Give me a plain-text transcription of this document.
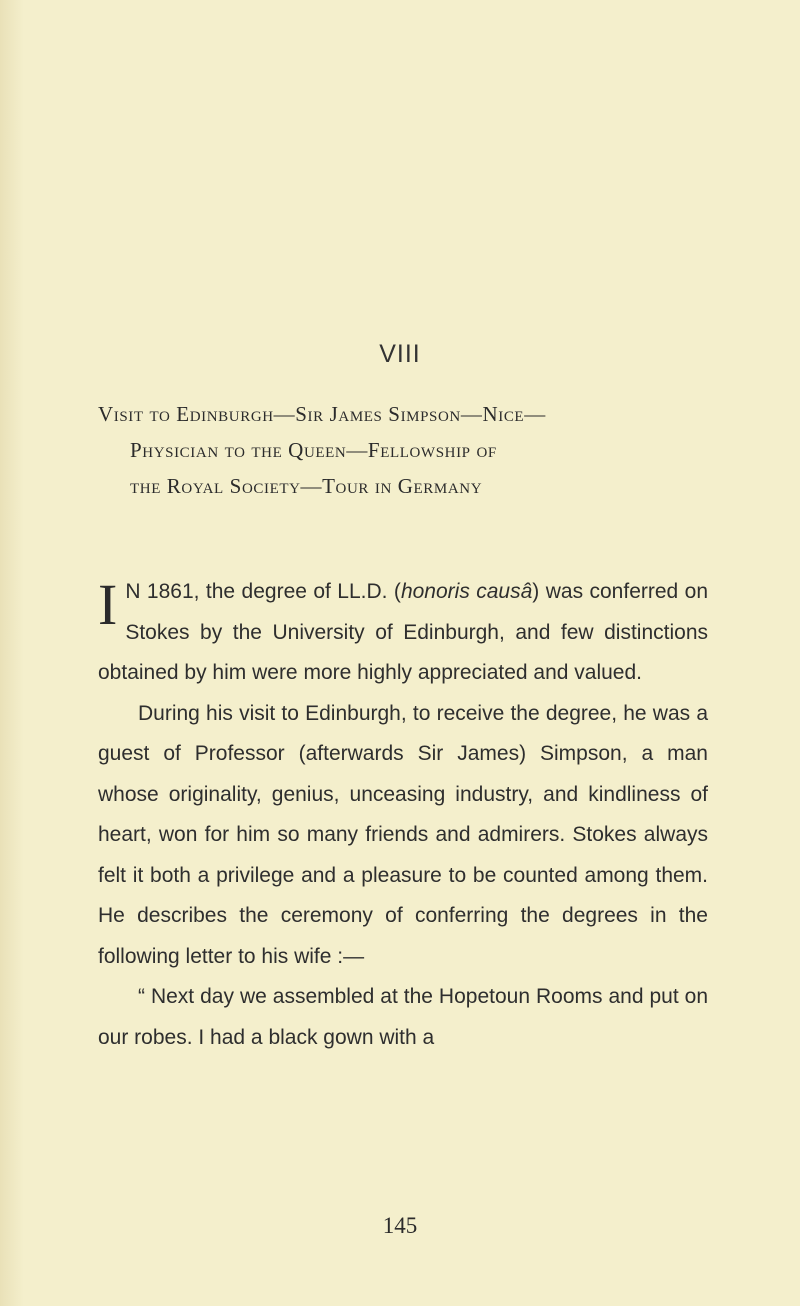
VIII
Visit to Edinburgh—Sir James Simpson—Nice—
Physician to the Queen—Fellowship of
the Royal Society—Tour in Germany

I N 1861, the degree of LL.D. (honoris causâ) was conferred on Stokes by the University of Edinburgh, and few distinctions obtained by him were more highly appreciated and valued.

During his visit to Edinburgh, to receive the degree, he was a guest of Professor (afterwards Sir James) Simpson, a man whose originality, genius, unceasing industry, and kindliness of heart, won for him so many friends and admirers. Stokes always felt it both a privilege and a pleasure to be counted among them. He describes the ceremony of conferring the degrees in the following letter to his wife :—

“ Next day we assembled at the Hopetoun Rooms and put on our robes. I had a black gown with a

145
